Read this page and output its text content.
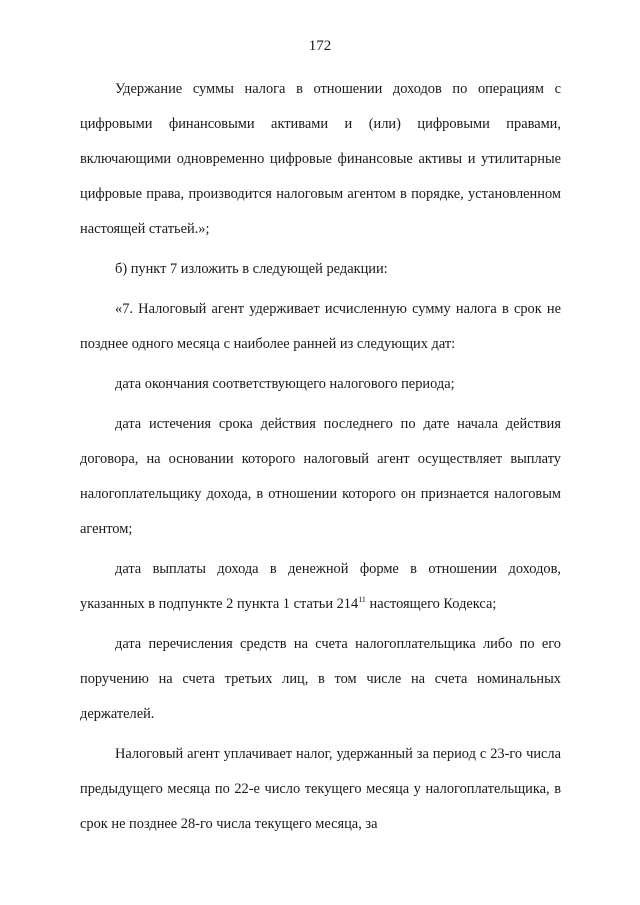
172

Удержание суммы налога в отношении доходов по операциям с цифровыми финансовыми активами и (или) цифровыми правами, включающими одновременно цифровые финансовые активы и утилитарные цифровые права, производится налоговым агентом в порядке, установленном настоящей статьей.»;

б) пункт 7 изложить в следующей редакции:

«7. Налоговый агент удерживает исчисленную сумму налога в срок не позднее одного месяца с наиболее ранней из следующих дат:

дата окончания соответствующего налогового периода;

дата истечения срока действия последнего по дате начала действия договора, на основании которого налоговый агент осуществляет выплату налогоплательщику дохода, в отношении которого он признается налоговым агентом;

дата выплаты дохода в денежной форме в отношении доходов, указанных в подпункте 2 пункта 1 статьи $214^{11}$ настоящего Кодекса;

дата перечисления средств на счета налогоплательщика либо по его поручению на счета третьих лиц, в том числе на счета номинальных держателей.

Налоговый агент уплачивает налог, удержанный за период с 23-го числа предыдущего месяца по 22-е число текущего месяца у налогоплательщика, в срок не позднее 28-го числа текущего месяца, за
